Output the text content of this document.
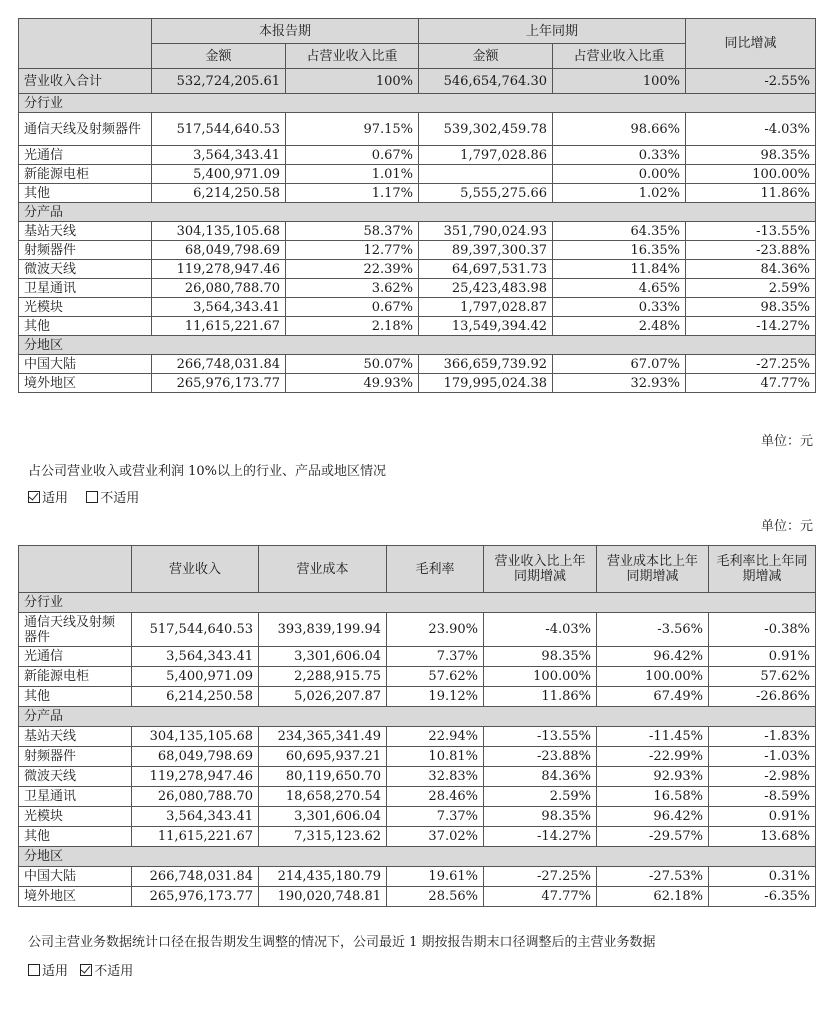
	本报告期		上年同期		同比增减
	金额	占营业收入比重	金额	占营业收入比重	
营业收入合计	532,724,205.61	100%	546,654,764.30	100%	-2.55%
分行业					
通信天线及射频器件	517,544,640.53	97.15%	539,302,459.78	98.66%	-4.03%
光通信	3,564,343.41	0.67%	1,797,028.86	0.33%	98.35%
新能源电柜	5,400,971.09	1.01%		0.00%	100.00%
其他	6,214,250.58	1.17%	5,555,275.66	1.02%	11.86%
分产品					
基站天线	304,135,105.68	58.37%	351,790,024.93	64.35%	-13.55%
射频器件	68,049,798.69	12.77%	89,397,300.37	16.35%	-23.88%
微波天线	119,278,947.46	22.39%	64,697,531.73	11.84%	84.36%
卫星通讯	26,080,788.70	3.62%	25,423,483.98	4.65%	2.59%
光模块	3,564,343.41	0.67%	1,797,028.87	0.33%	98.35%
其他	11,615,221.67	2.18%	13,549,394.42	2.48%	-14.27%
分地区					
中国大陆	266,748,031.84	50.07%	366,659,739.92	67.07%	-27.25%
境外地区	265,976,173.77	49.93%	179,995,024.38	32.93%	47.77%
单位：元
占公司营业收入或营业利润 10%以上的行业、产品或地区情况
适用 不适用
单位：元
	营业收入	营业成本	毛利率	营业收入比上年同期增减	营业成本比上年同期增减	毛利率比上年同期增减
分行业						
通信天线及射频器件	517,544,640.53	393,839,199.94	23.90%	-4.03%	-3.56%	-0.38%
光通信	3,564,343.41	3,301,606.04	7.37%	98.35%	96.42%	0.91%
新能源电柜	5,400,971.09	2,288,915.75	57.62%	100.00%	100.00%	57.62%
其他	6,214,250.58	5,026,207.87	19.12%	11.86%	67.49%	-26.86%
分产品						
基站天线	304,135,105.68	234,365,341.49	22.94%	-13.55%	-11.45%	-1.83%
射频器件	68,049,798.69	60,695,937.21	10.81%	-23.88%	-22.99%	-1.03%
微波天线	119,278,947.46	80,119,650.70	32.83%	84.36%	92.93%	-2.98%
卫星通讯	26,080,788.70	18,658,270.54	28.46%	2.59%	16.58%	-8.59%
光模块	3,564,343.41	3,301,606.04	7.37%	98.35%	96.42%	0.91%
其他	11,615,221.67	7,315,123.62	37.02%	-14.27%	-29.57%	13.68%
分地区						
中国大陆	266,748,031.84	214,435,180.79	19.61%	-27.25%	-27.53%	0.31%
境外地区	265,976,173.77	190,020,748.81	28.56%	47.77%	62.18%	-6.35%
公司主营业务数据统计口径在报告期发生调整的情况下，公司最近 1 期按报告期末口径调整后的主营业务数据
适用 不适用
